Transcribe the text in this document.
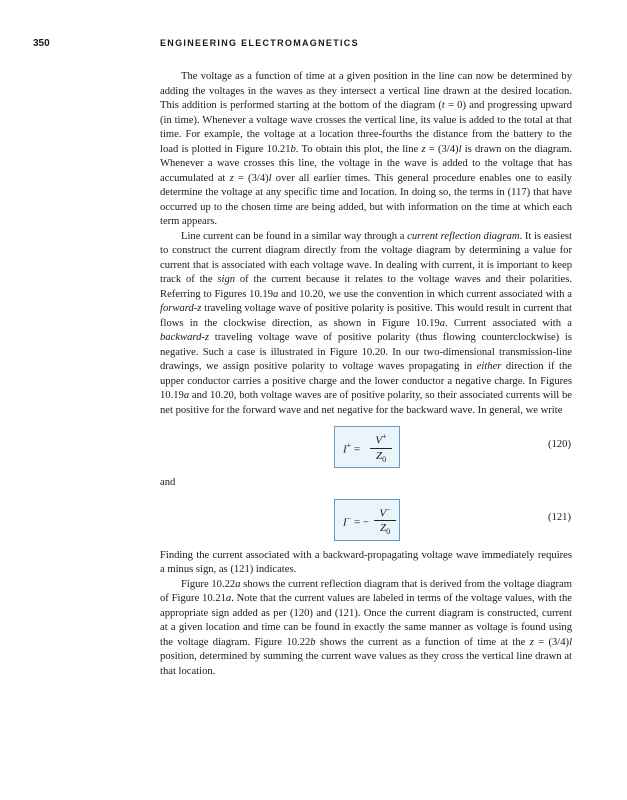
350	ENGINEERING ELECTROMAGNETICS

The voltage as a function of time at a given position in the line can now be determined by adding the voltages in the waves as they intersect a vertical line drawn at the desired location. This addition is performed starting at the bottom of the diagram (t = 0) and progressing upward (in time). Whenever a voltage wave crosses the vertical line, its value is added to the total at that time. For example, the voltage at a location three-fourths the distance from the battery to the load is plotted in Figure 10.21b. To obtain this plot, the line z = (3/4)l is drawn on the diagram. Whenever a wave crosses this line, the voltage in the wave is added to the voltage that has accumulated at z = (3/4)l over all earlier times. This general procedure enables one to easily determine the voltage at any specific time and location. In doing so, the terms in (117) that have occurred up to the chosen time are being added, but with information on the time at which each term appears.

Line current can be found in a similar way through a current reflection diagram. It is easiest to construct the current diagram directly from the voltage diagram by determining a value for current that is associated with each voltage wave. In dealing with current, it is important to keep track of the sign of the current because it relates to the voltage waves and their polarities. Referring to Figures 10.19a and 10.20, we use the convention in which current associated with a forward-z traveling voltage wave of positive polarity is positive. This would result in current that flows in the clockwise direction, as shown in Figure 10.19a. Current associated with a backward-z traveling voltage wave of positive polarity (thus flowing counterclockwise) is negative. Such a case is illustrated in Figure 10.20. In our two-dimensional transmission-line drawings, we assign positive polarity to voltage waves propagating in either direction if the upper conductor carries a positive charge and the lower conductor a negative charge. In Figures 10.19a and 10.20, both voltage waves are of positive polarity, so their associated currents will be net positive for the forward wave and net negative for the backward wave. In general, we write

I+ =
V+
$Z_0$
(120)

and

I− = −
V−
$Z_0$
(121)

Finding the current associated with a backward-propagating voltage wave immediately requires a minus sign, as (121) indicates.

Figure 10.22a shows the current reflection diagram that is derived from the voltage diagram of Figure 10.21a. Note that the current values are labeled in terms of the voltage values, with the appropriate sign added as per (120) and (121). Once the current diagram is constructed, current at a given location and time can be found in exactly the same manner as voltage is found using the voltage diagram. Figure 10.22b shows the current as a function of time at the z = (3/4)l position, determined by summing the current wave values as they cross the vertical line drawn at that location.
